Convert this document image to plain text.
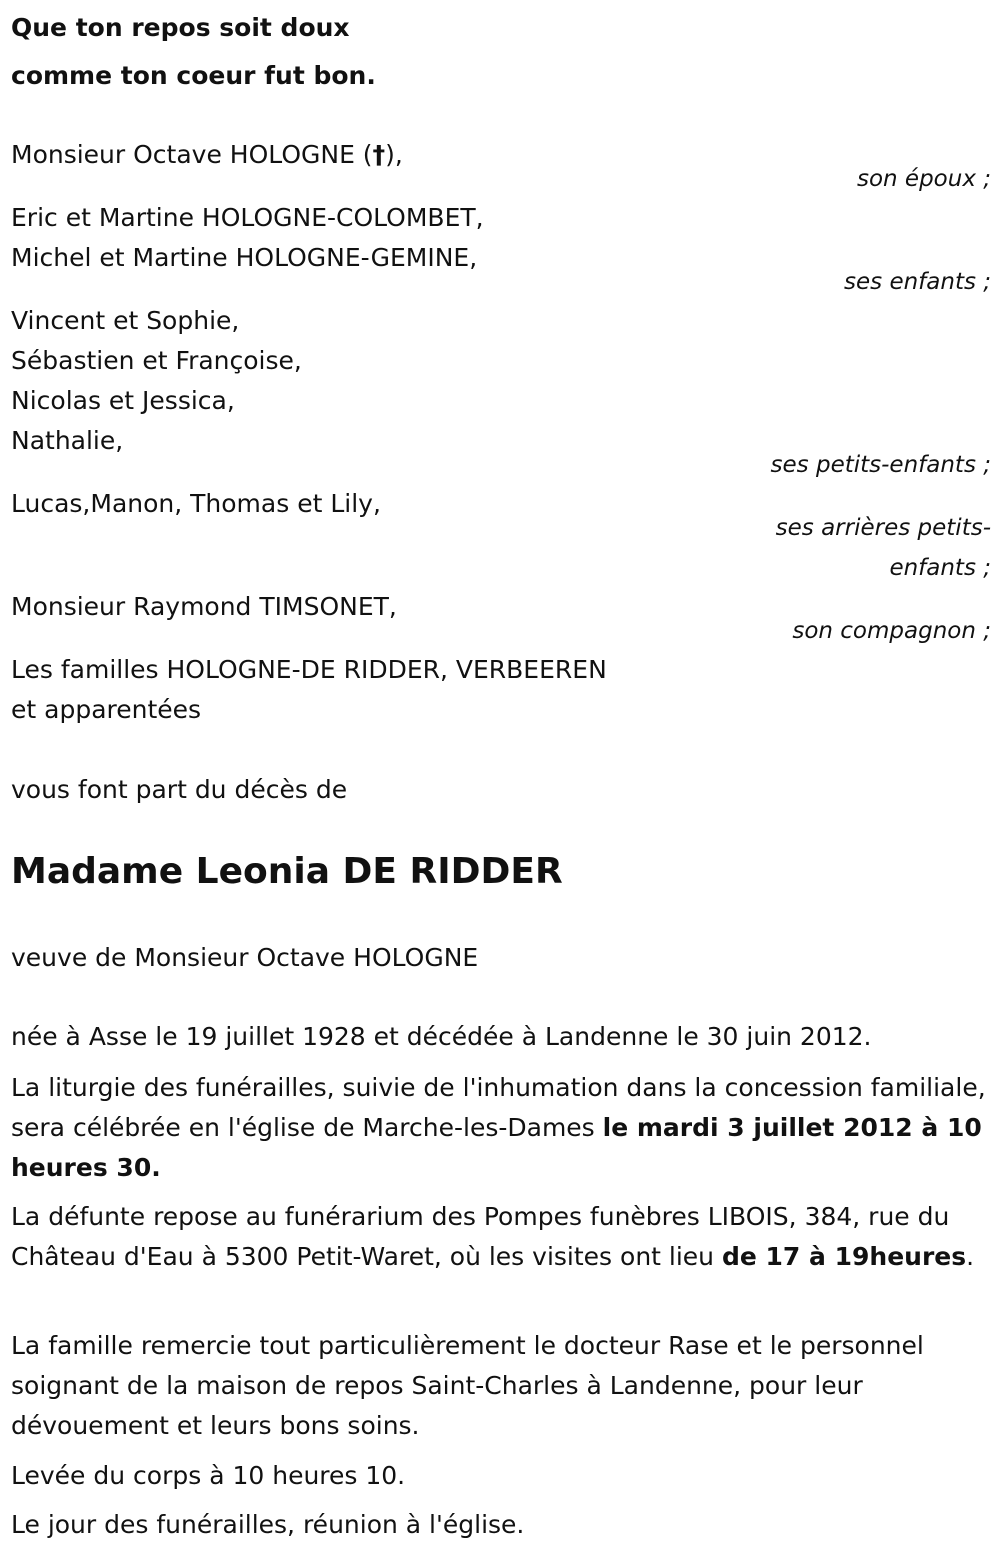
Que ton repos soit doux
comme ton coeur fut bon.
Monsieur Octave HOLOGNE (†),
son époux ;
Eric et Martine HOLOGNE-COLOMBET,
Michel et Martine HOLOGNE-GEMINE,
ses enfants ;
Vincent et Sophie,
Sébastien et Françoise,
Nicolas et Jessica,
Nathalie,
ses petits-enfants ;
Lucas,Manon, Thomas et Lily,
ses arrières petits-
enfants ;
Monsieur Raymond TIMSONET,
son compagnon ;
Les familles HOLOGNE-DE RIDDER, VERBEEREN
et apparentées
vous font part du décès de
Madame Leonia DE RIDDER
veuve de Monsieur Octave HOLOGNE
née à Asse le 19 juillet 1928 et décédée à Landenne le 30 juin 2012.
La liturgie des funérailles, suivie de l'inhumation dans la concession familiale, sera célébrée en l'église de Marche-les-Dames le mardi 3 juillet 2012 à 10 heures 30.
La défunte repose au funérarium des Pompes funèbres LIBOIS, 384, rue du Château d'Eau à 5300 Petit-Waret, où les visites ont lieu de 17 à 19heures.
La famille remercie tout particulièrement le docteur Rase et le personnel soignant de la maison de repos Saint-Charles à Landenne, pour leur dévouement et leurs bons soins.
Levée du corps à 10 heures 10.
Le jour des funérailles, réunion à l'église.
